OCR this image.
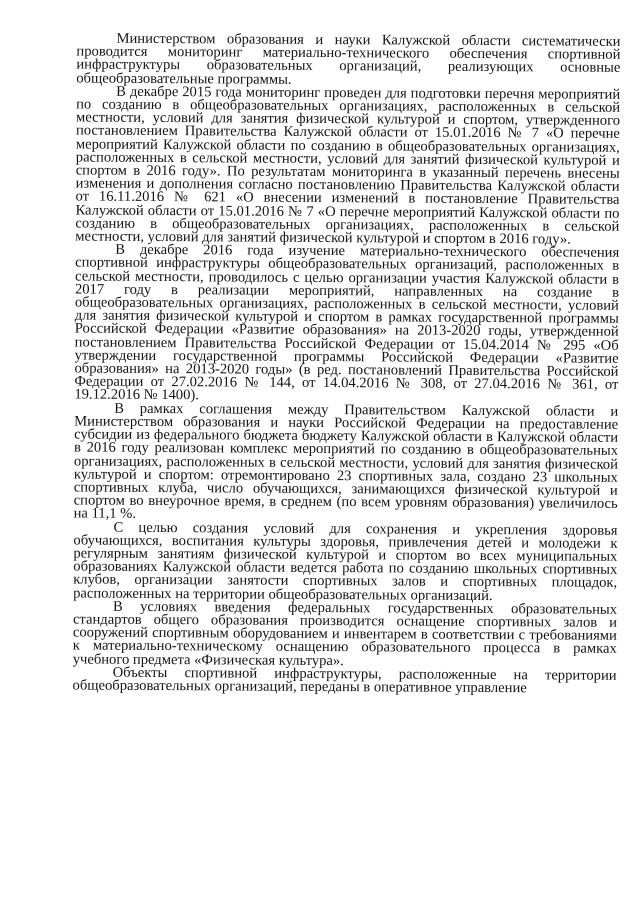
Министерством образования и науки Калужской области систематически проводится мониторинг материально-технического обеспечения спортивной инфраструктуры образовательных организаций, реализующих основные общеобразовательные программы.

В декабре 2015 года мониторинг проведен для подготовки перечня мероприятий по созданию в общеобразовательных организациях, расположенных в сельской местности, условий для занятия физической культурой и спортом, утвержденного постановлением Правительства Калужской области от 15.01.2016 № 7 «О перечне мероприятий Калужской области по созданию в общеобразовательных организациях, расположенных в сельской местности, условий для занятий физической культурой и спортом в 2016 году». По результатам мониторинга в указанный перечень внесены изменения и дополнения согласно постановлению Правительства Калужской области от 16.11.2016 № 621 «О внесении изменений в постановление Правительства Калужской области от 15.01.2016 № 7 «О перечне мероприятий Калужской области по созданию в общеобразовательных организациях, расположенных в сельской местности, условий для занятий физической культурой и спортом в 2016 году».

В декабре 2016 года изучение материально-технического обеспечения спортивной инфраструктуры общеобразовательных организаций, расположенных в сельской местности, проводилось с целью организации участия Калужской области в 2017 году в реализации мероприятий, направленных на создание в общеобразовательных организациях, расположенных в сельской местности, условий для занятия физической культурой и спортом в рамках государственной программы Российской Федерации «Развитие образования» на 2013-2020 годы, утвержденной постановлением Правительства Российской Федерации от 15.04.2014 № 295 «Об утверждении государственной программы Российской Федерации «Развитие образования» на 2013-2020 годы» (в ред. постановлений Правительства Российской Федерации от 27.02.2016 № 144, от 14.04.2016 № 308, от 27.04.2016 № 361, от 19.12.2016 № 1400).

В рамках соглашения между Правительством Калужской области и Министерством образования и науки Российской Федерации на предоставление субсидии из федерального бюджета бюджету Калужской области в Калужской области в 2016 году реализован комплекс мероприятий по созданию в общеобразовательных организациях, расположенных в сельской местности, условий для занятия физической культурой и спортом: отремонтировано 23 спортивных зала, создано 23 школьных спортивных клуба, число обучающихся, занимающихся физической культурой и спортом во внеурочное время, в среднем (по всем уровням образования) увеличилось на 11,1 %.

С целью создания условий для сохранения и укрепления здоровья обучающихся, воспитания культуры здоровья, привлечения детей и молодежи к регулярным занятиям физической культурой и спортом во всех муниципальных образованиях Калужской области ведется работа по созданию школьных спортивных клубов, организации занятости спортивных залов и спортивных площадок, расположенных на территории общеобразовательных организаций.

В условиях введения федеральных государственных образовательных стандартов общего образования производится оснащение спортивных залов и сооружений спортивным оборудованием и инвентарем в соответствии с требованиями к материально-техническому оснащению образовательного процесса в рамках учебного предмета «Физическая культура».

Объекты спортивной инфраструктуры, расположенные на территории общеобразовательных организаций, переданы в оперативное управление
